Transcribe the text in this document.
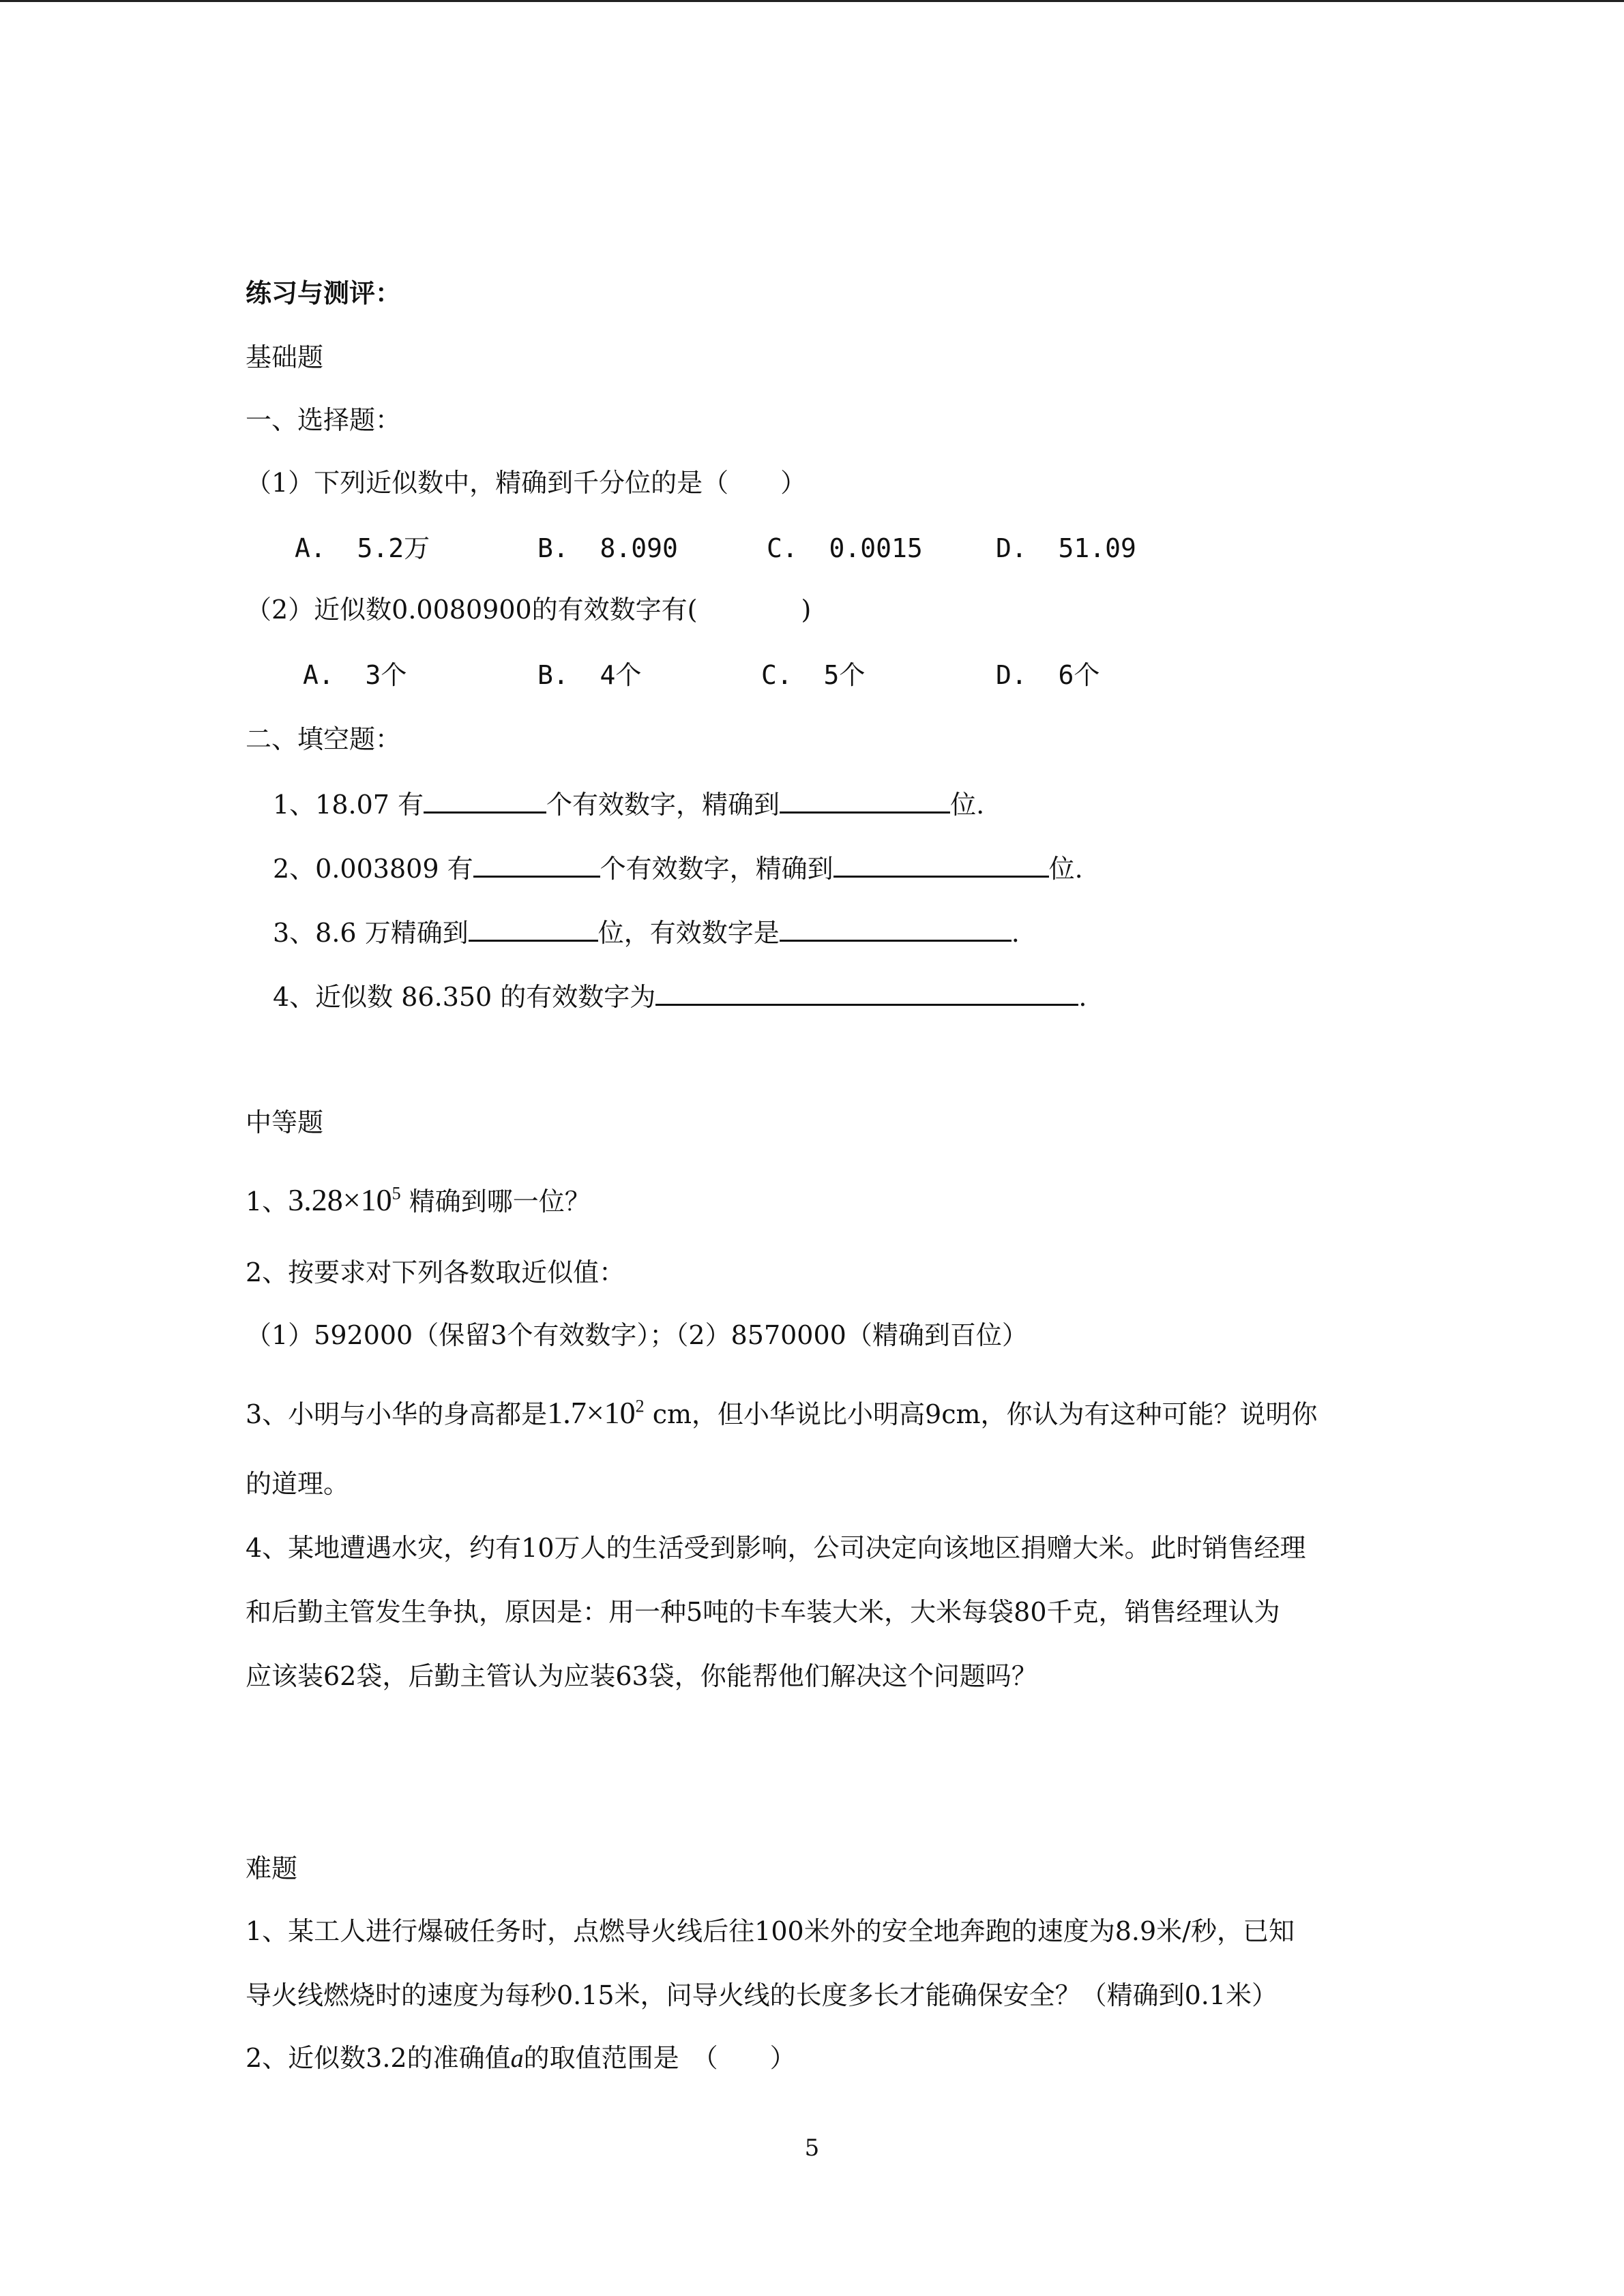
练习与测评：
基础题
一、选择题：
（1）下列近似数中，精确到千分位的是（　　）
A. 5.2万	B. 8.090	C. 0.0015	D. 51.09
（2）近似数0.0080900的有效数字有(　　　　)
A. 3个	B. 4个	C. 5个	D. 6个
二、填空题：
1、18.07 有	个有效数字，精确到	位.
2、0.003809 有	个有效数字，精确到	位.
3、8.6 万精确到	位，有效数字是	.
4、近似数 86.350 的有效数字为	.
中等题
1、$3.28\times 10^5$ 精确到哪一位？
2、按要求对下列各数取近似值：
（1）592000（保留3个有效数字）；（2）8570000（精确到百位）
3、小明与小华的身高都是$1.7\times 10^2$ cm，但小华说比小明高9cm，你认为有这种可能？说明你
的道理。
4、某地遭遇水灾，约有10万人的生活受到影响，公司决定向该地区捐赠大米。此时销售经理
和后勤主管发生争执，原因是：用一种5吨的卡车装大米，大米每袋80千克，销售经理认为
应该装62袋，后勤主管认为应装63袋，你能帮他们解决这个问题吗？
难题
1、某工人进行爆破任务时，点燃导火线后往100米外的安全地奔跑的速度为8.9米/秒，已知
导火线燃烧时的速度为每秒0.15米，问导火线的长度多长才能确保安全？（精确到0.1米）
2、近似数3.2的准确值a的取值范围是　（　　）
5
